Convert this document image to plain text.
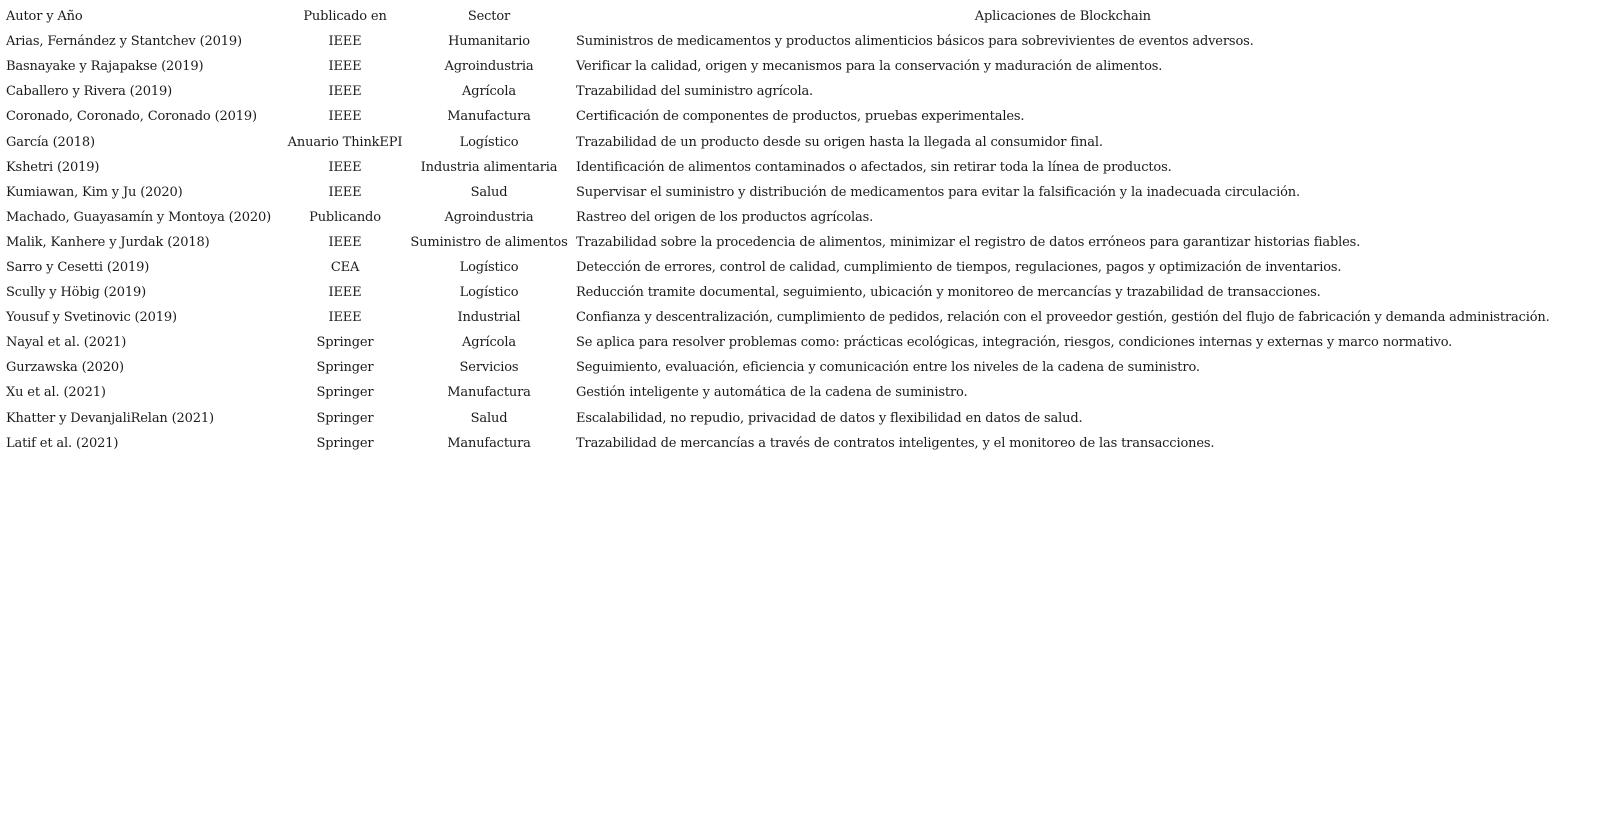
Autor y Año	Publicado en	Sector	Aplicaciones de Blockchain
Arias, Fernández y Stantchev (2019)	IEEE	Humanitario	Suministros de medicamentos y productos alimenticios básicos para sobrevivientes de eventos adversos.
Basnayake y Rajapakse (2019)	IEEE	Agroindustria	Verificar la calidad, origen y mecanismos para la conservación y maduración de alimentos.
Caballero y Rivera (2019)	IEEE	Agrícola	Trazabilidad del suministro agrícola.
Coronado, Coronado, Coronado (2019)	IEEE	Manufactura	Certificación de componentes de productos, pruebas experimentales.
García (2018)	Anuario ThinkEPI	Logístico	Trazabilidad de un producto desde su origen hasta la llegada al consumidor final.
Kshetri (2019)	IEEE	Industria alimentaria	Identificación de alimentos contaminados o afectados, sin retirar toda la línea de productos.
Kumiawan, Kim y Ju (2020)	IEEE	Salud	Supervisar el suministro y distribución de medicamentos para evitar la falsificación y la inadecuada circulación.
Machado, Guayasamín y Montoya (2020)	Publicando	Agroindustria	Rastreo del origen de los productos agrícolas.
Malik, Kanhere y Jurdak (2018)	IEEE	Suministro de alimentos	Trazabilidad sobre la procedencia de alimentos, minimizar el registro de datos erróneos para garantizar historias fiables.
Sarro y Cesetti (2019)	CEA	Logístico	Detección de errores, control de calidad, cumplimiento de tiempos, regulaciones, pagos y optimización de inventarios.
Scully y Höbig (2019)	IEEE	Logístico	Reducción tramite documental, seguimiento, ubicación y monitoreo de mercancías y trazabilidad de transacciones.
Yousuf y Svetinovic (2019)	IEEE	Industrial	Confianza y descentralización, cumplimiento de pedidos, relación con el proveedor gestión, gestión del flujo de fabricación y demanda administración.
Nayal et al. (2021)	Springer	Agrícola	Se aplica para resolver problemas como: prácticas ecológicas, integración, riesgos, condiciones internas y externas y marco normativo.
Gurzawska (2020)	Springer	Servicios	Seguimiento, evaluación, eficiencia y comunicación entre los niveles de la cadena de suministro.
Xu et al. (2021)	Springer	Manufactura	Gestión inteligente y automática de la cadena de suministro.
Khatter y DevanjaliRelan (2021)	Springer	Salud	Escalabilidad, no repudio, privacidad de datos y flexibilidad en datos de salud.
Latif et al. (2021)	Springer	Manufactura	Trazabilidad de mercancías a través de contratos inteligentes, y el monitoreo de las transacciones.
